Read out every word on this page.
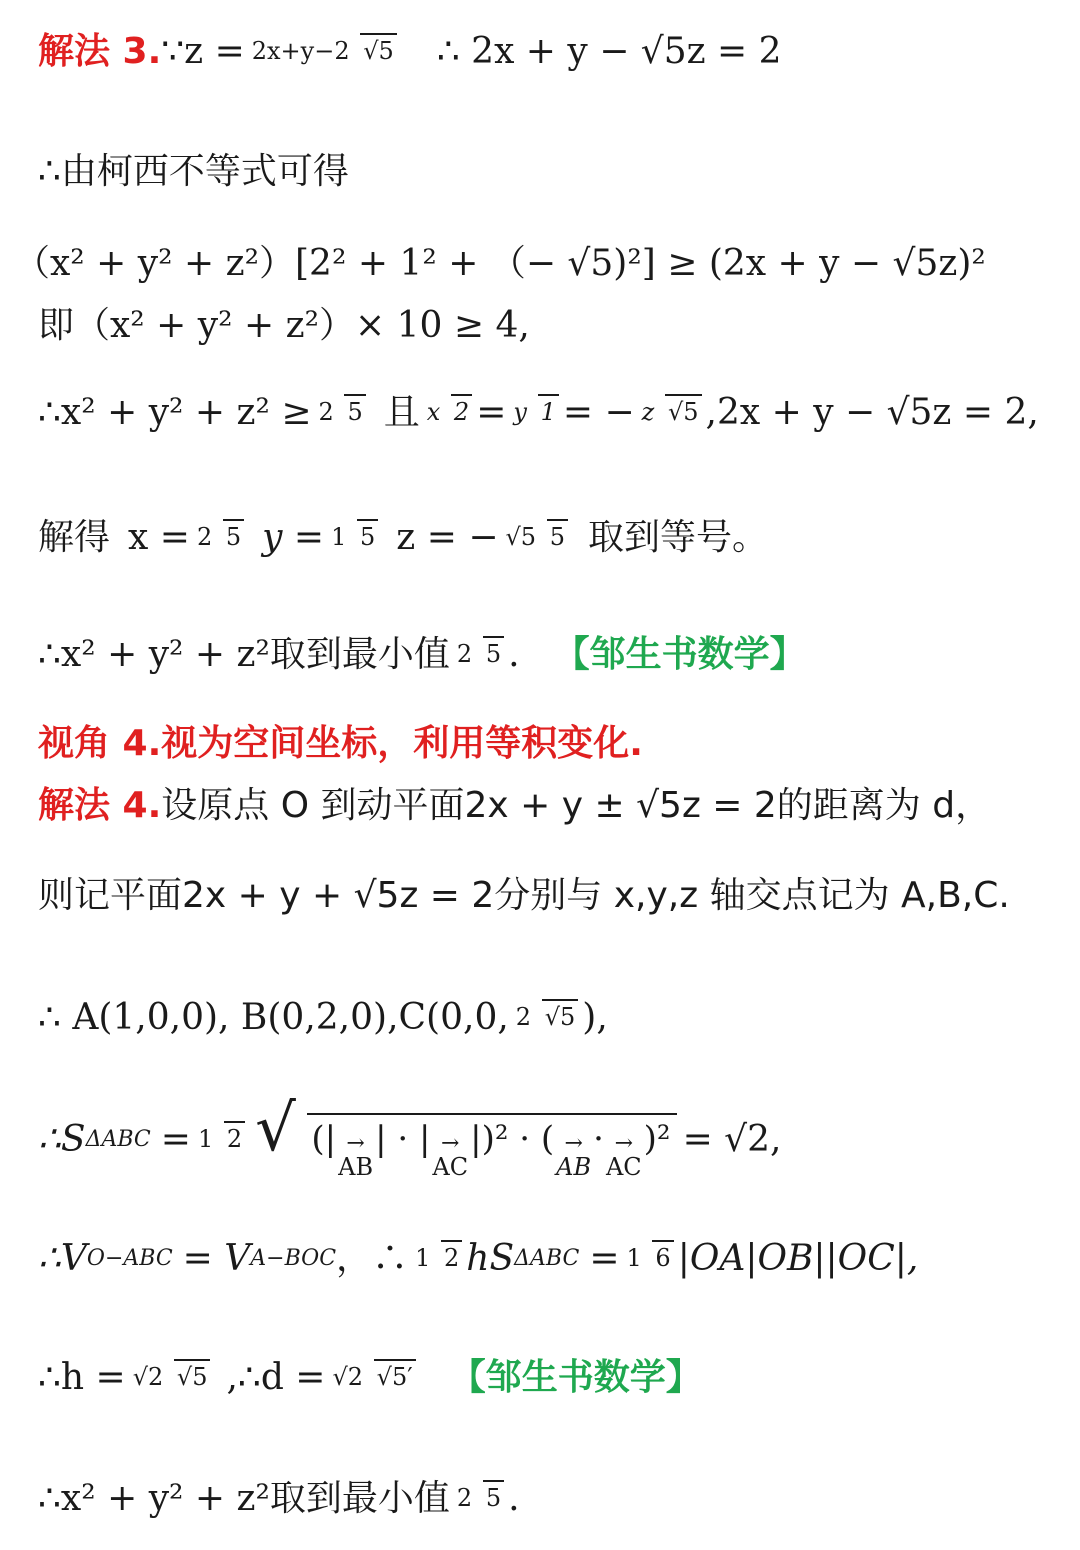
解法 3. ∵z = 2x+y−2 √5 ∴ 2x + y − √5z = 2
∴由柯西不等式可得
（x² + y² + z²）[2² + 1² + （− √5)²] ≥ (2x + y − √5z)²
即（x² + y² + z²）× 10 ≥ 4,
∴x² + y² + z² ≥ 2 5 且 x 2 = y 1 = − z √5 ,2x + y − √5z = 2,
解得 x = 2 5 y = 1 5 z = − √5 5 取到等号。
∴x² + y² + z²取到最小值 2 5 . 【邹生书数学】
视角 4.视为空间坐标，利用等积变化.
解法 4. 设原点 O 到动平面2x + y ± √5z = 2的距离为 d，
则记平面2x + y + √5z = 2分别与 x,y,z 轴交点记为 A,B,C.
∴ A(1,0,0), B(0,2,0),C(0,0, 2 √5 ),
∴S ΔABC = 1 2 √ (| →
AB
| · | →
AC
|)² · ( →
AB
· →
AC
)² = √2,
∴V O−ABC = V A−BOC ，∴ 1 2 hS ΔABC = 1 6 |OA|OB||OC|,
∴h = √2 √5 ,∴d = √2 √5′ 【邹生书数学】
∴x² + y² + z²取到最小值 2 5 .
